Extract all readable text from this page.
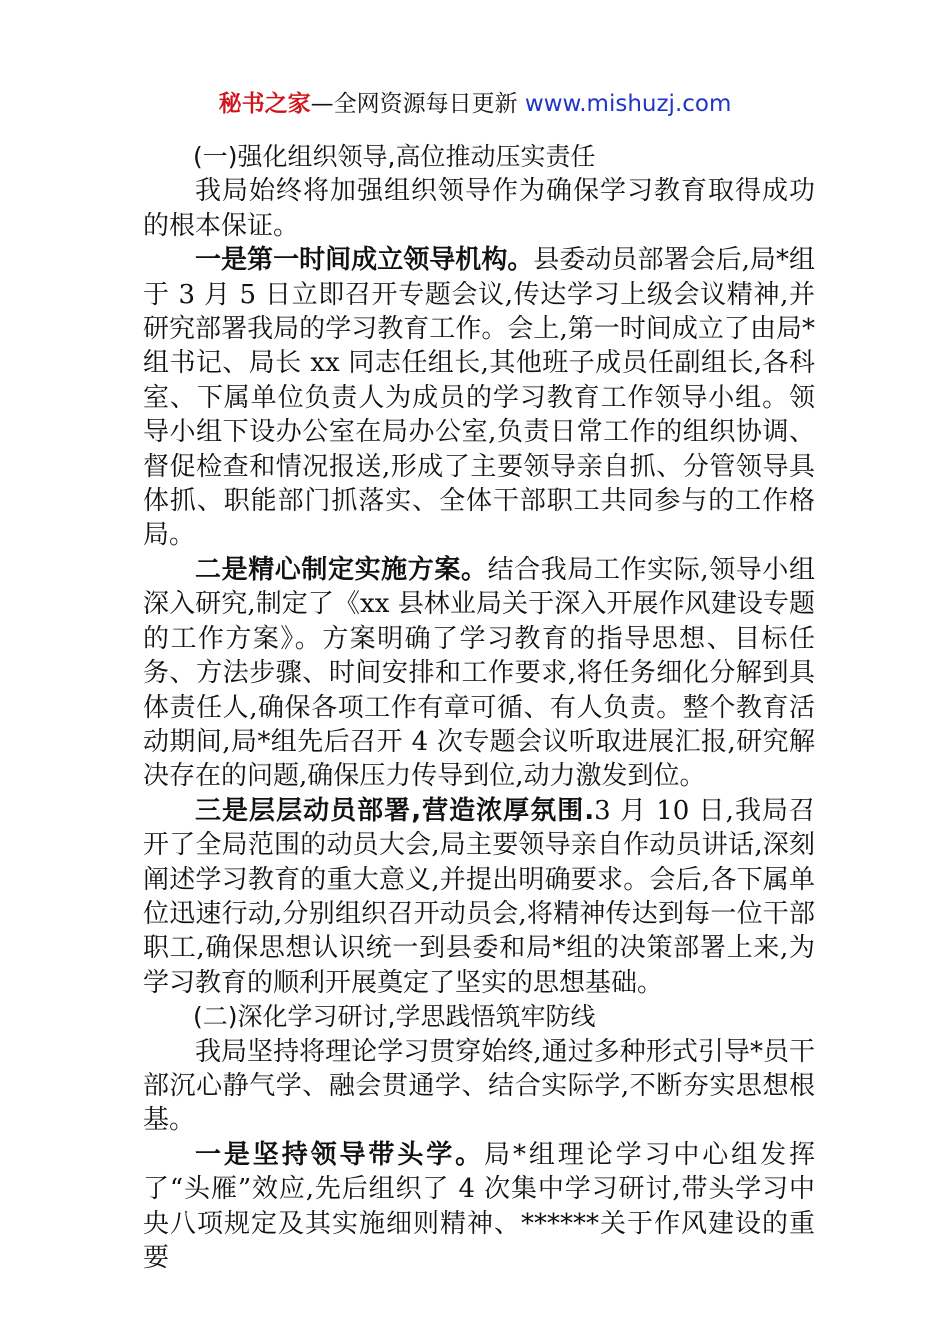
秘书之家—全网资源每日更新 www.mishuzj.com

(一)强化组织领导,高位推动压实责任

我局始终将加强组织领导作为确保学习教育取得成功的根本保证。

一是第一时间成立领导机构。县委动员部署会后,局*组于 3 月 5 日立即召开专题会议,传达学习上级会议精神,并研究部署我局的学习教育工作。会上,第一时间成立了由局*组书记、局长 xx 同志任组长,其他班子成员任副组长,各科室、下属单位负责人为成员的学习教育工作领导小组。领导小组下设办公室在局办公室,负责日常工作的组织协调、督促检查和情况报送,形成了主要领导亲自抓、分管领导具体抓、职能部门抓落实、全体干部职工共同参与的工作格局。

二是精心制定实施方案。结合我局工作实际,领导小组深入研究,制定了《xx 县林业局关于深入开展作风建设专题的工作方案》。方案明确了学习教育的指导思想、目标任务、方法步骤、时间安排和工作要求,将任务细化分解到具体责任人,确保各项工作有章可循、有人负责。整个教育活动期间,局*组先后召开 4 次专题会议听取进展汇报,研究解决存在的问题,确保压力传导到位,动力激发到位。

三是层层动员部署,营造浓厚氛围.3 月 10 日,我局召开了全局范围的动员大会,局主要领导亲自作动员讲话,深刻阐述学习教育的重大意义,并提出明确要求。会后,各下属单位迅速行动,分别组织召开动员会,将精神传达到每一位干部职工,确保思想认识统一到县委和局*组的决策部署上来,为学习教育的顺利开展奠定了坚实的思想基础。

(二)深化学习研讨,学思践悟筑牢防线

我局坚持将理论学习贯穿始终,通过多种形式引导*员干部沉心静气学、融会贯通学、结合实际学,不断夯实思想根基。

一是坚持领导带头学。局*组理论学习中心组发挥了“头雁”效应,先后组织了 4 次集中学习研讨,带头学习中央八项规定及其实施细则精神、******关于作风建设的重要
